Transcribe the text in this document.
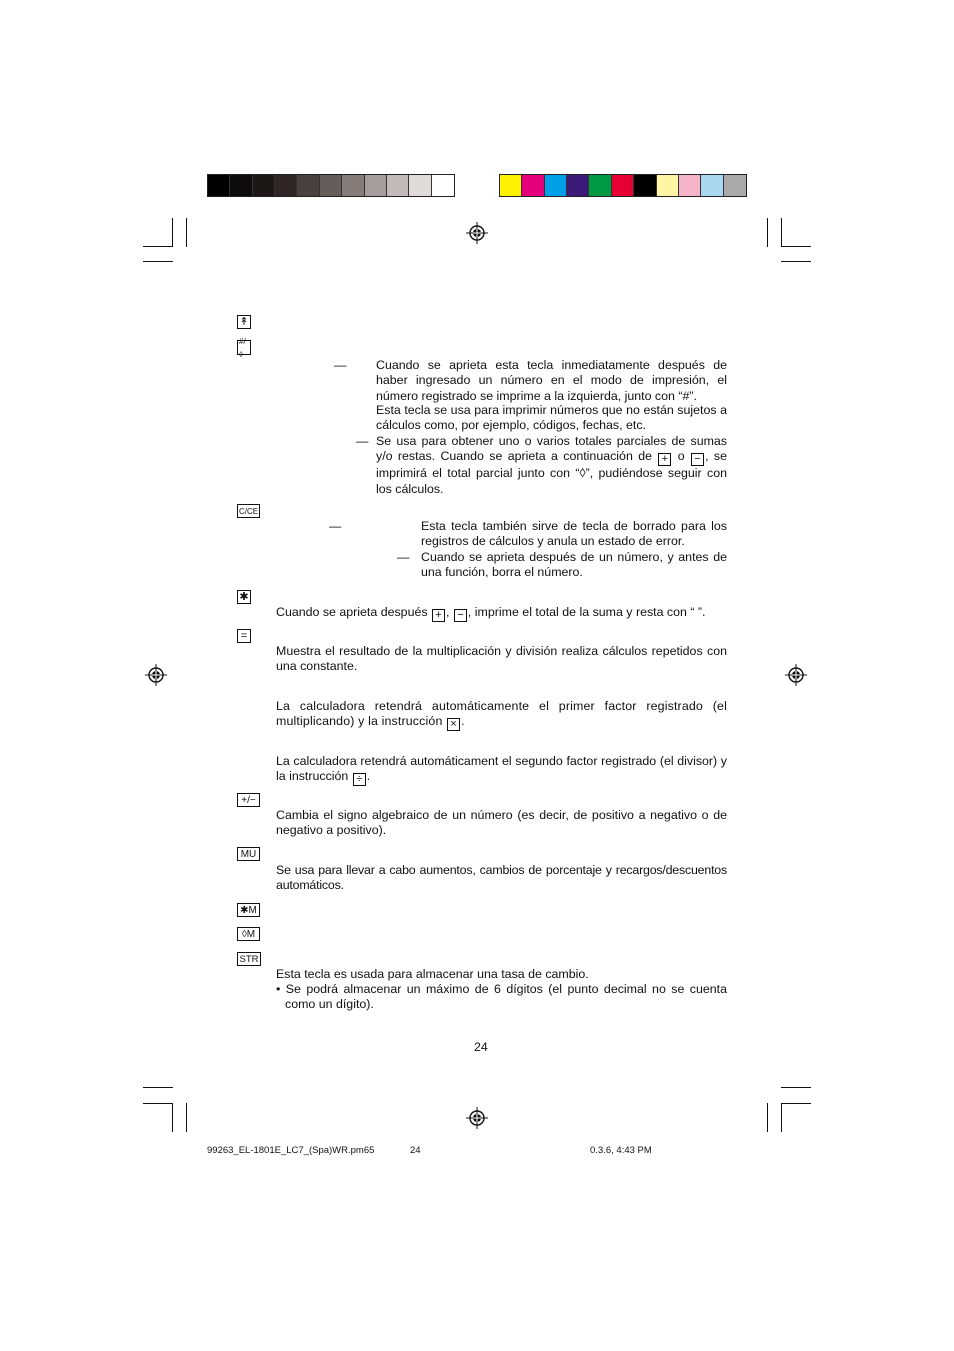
↟
#/◊
— Cuando se aprieta esta tecla inmediatamente después de haber ingresado un número en el modo de impresión, el número registrado se imprime a la izquierda, junto con “#”.
Esta tecla se usa para imprimir números que no están sujetos a cálculos como, por ejemplo, códigos, fechas, etc.
— Se usa para obtener uno o varios totales parciales de sumas y/o restas. Cuando se aprieta a continuación de + o − , se imprimirá el total parcial junto con “◊”, pudiéndose seguir con los cálculos.
C/CE
—	Esta tecla también sirve de tecla de borrado para los registros de cálculos y anula un estado de error.
— Cuando se aprieta después de un número, y antes de una función, borra el número.
✱
Cuando se aprieta después + , − , imprime el total de la suma y resta con “ ”.
=
Muestra el resultado de la multiplicación y división realiza cálculos repetidos con una constante.
La calculadora retendrá automáticamente el primer factor registrado (el multiplicando) y la instrucción × .
La calculadora retendrá automáticament el segundo factor registrado (el divisor) y la instrucción ÷ .
+/−
Cambia el signo algebraico de un número (es decir, de positivo a negativo o de negativo a positivo).
MU
Se usa para llevar a cabo aumentos, cambios de porcentaje y recargos/descuentos automáticos.
✱M
◊M
STR
Esta tecla es usada para almacenar una tasa de cambio.
• Se podrá almacenar un máximo de 6 dígitos (el punto decimal no se cuenta como un dígito).
24
99263_EL-1801E_LC7_(Spa)WR.pm65	24	0.3.6, 4:43 PM
